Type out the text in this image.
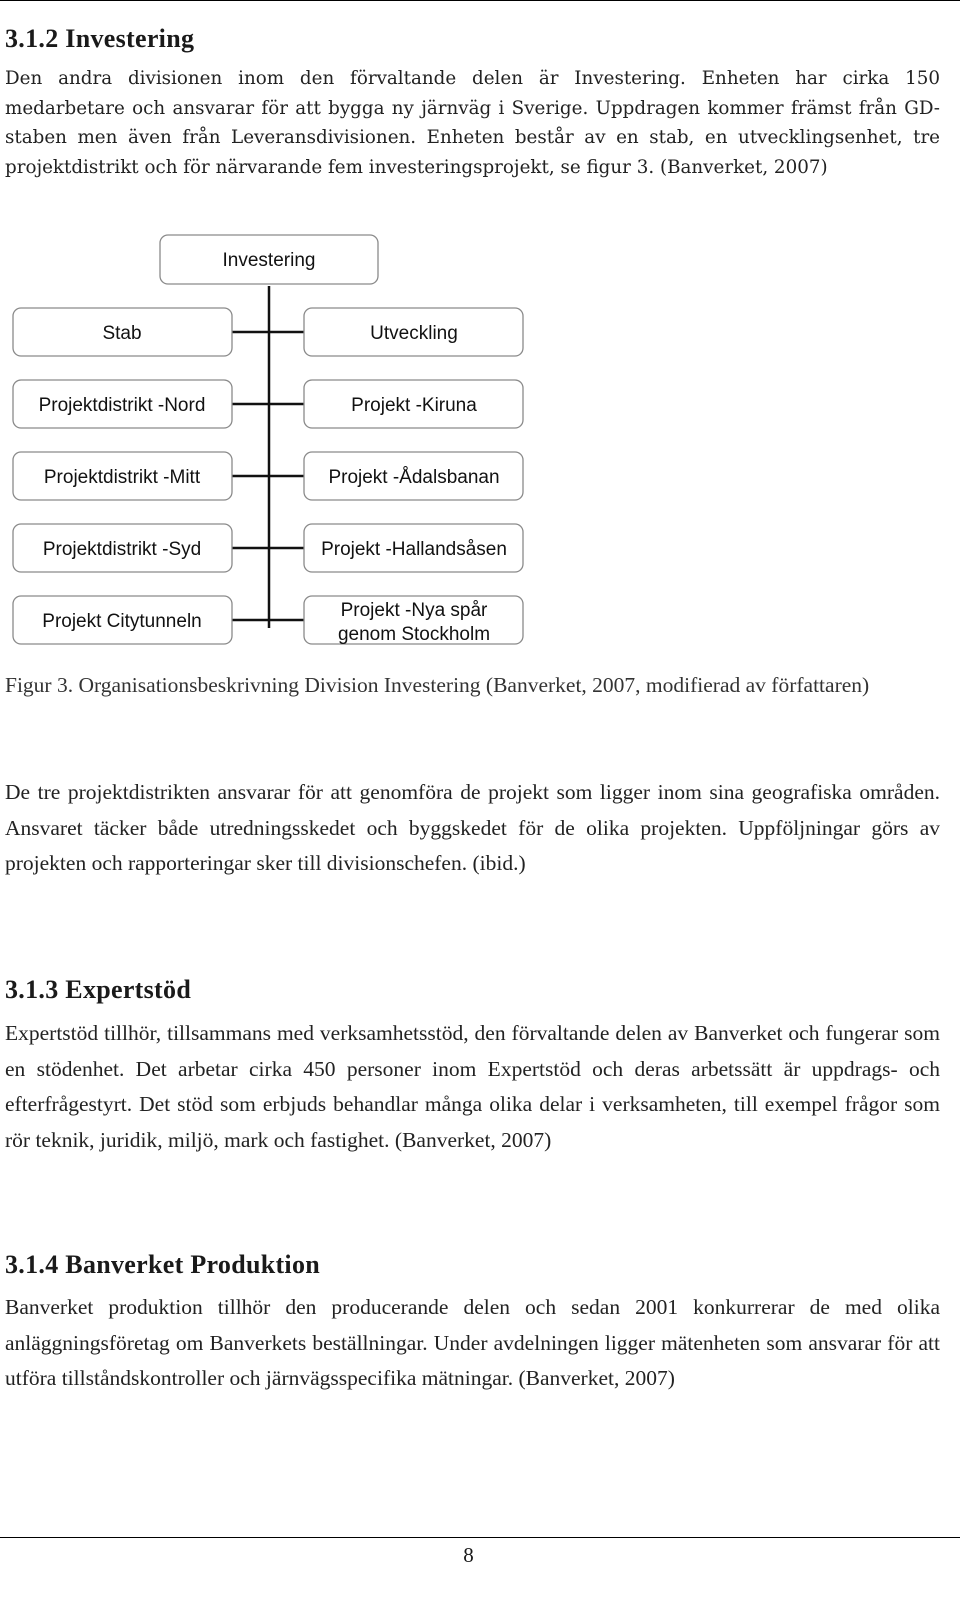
3.1.2 Investering

Den andra divisionen inom den förvaltande delen är Investering. Enheten har cirka 150 medarbetare och ansvarar för att bygga ny järnväg i Sverige. Uppdragen kommer främst från GD-staben men även från Leveransdivisionen. Enheten består av en stab, en utvecklingsenhet, tre projektdistrikt och för närvarande fem investeringsprojekt, se figur 3. (Banverket, 2007)

Investering
Stab
Projektdistrikt -Nord
Projektdistrikt -Mitt
Projektdistrikt -Syd
Projekt Citytunneln
Utveckling
Projekt -Kiruna
Projekt -Ådalsbanan
Projekt -Hallandsåsen
Projekt -Nya spår
genom Stockholm

Figur 3. Organisationsbeskrivning Division Investering (Banverket, 2007, modifierad av författaren)

De tre projektdistrikten ansvarar för att genomföra de projekt som ligger inom sina geografiska områden. Ansvaret täcker både utredningsskedet och byggskedet för de olika projekten. Uppföljningar görs av projekten och rapporteringar sker till divisionschefen. (ibid.)

3.1.3 Expertstöd

Expertstöd tillhör, tillsammans med verksamhetsstöd, den förvaltande delen av Banverket och fungerar som en stödenhet. Det arbetar cirka 450 personer inom Expertstöd och deras arbetssätt är uppdrags- och efterfrågestyrt. Det stöd som erbjuds behandlar många olika delar i verksamheten, till exempel frågor som rör teknik, juridik, miljö, mark och fastighet. (Banverket, 2007)

3.1.4 Banverket Produktion

Banverket produktion tillhör den producerande delen och sedan 2001 konkurrerar de med olika anläggningsföretag om Banverkets beställningar. Under avdelningen ligger mätenheten som ansvarar för att utföra tillståndskontroller och järnvägsspecifika mätningar. (Banverket, 2007)

8
